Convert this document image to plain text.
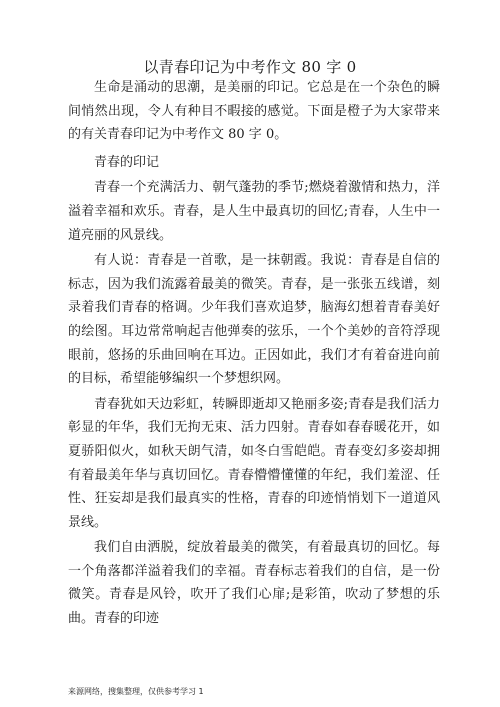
以青春印记为中考作文 80 字 0

生命是涌动的思潮，是美丽的印记。它总是在一个杂色的瞬间悄然出现，令人有种目不暇接的感觉。下面是橙子为大家带来的有关青春印记为中考作文 80 字 0。

青春的印记

青春一个充满活力、朝气蓬勃的季节;燃烧着激情和热力，洋溢着幸福和欢乐。青春，是人生中最真切的回忆;青春，人生中一道亮丽的风景线。

有人说：青春是一首歌，是一抹朝霞。我说：青春是自信的标志，因为我们流露着最美的微笑。青春，是一张张五线谱，刻录着我们青春的格调。少年我们喜欢追梦，脑海幻想着青春美好的绘图。耳边常常响起吉他弹奏的弦乐，一个个美妙的音符浮现眼前，悠扬的乐曲回响在耳边。正因如此，我们才有着奋进向前的目标，希望能够编织一个梦想织网。

青春犹如天边彩虹，转瞬即逝却又艳丽多姿;青春是我们活力彰显的年华，我们无拘无束、活力四射。青春如春春暖花开，如夏骄阳似火，如秋天朗气清，如冬白雪皑皑。青春变幻多姿却拥有着最美年华与真切回忆。青春懵懵懂懂的年纪，我们羞涩、任性、狂妄却是我们最真实的性格，青春的印迹悄悄划下一道道风景线。

我们自由洒脱，绽放着最美的微笑，有着最真切的回忆。每一个角落都洋溢着我们的幸福。青春标志着我们的自信，是一份微笑。青春是风铃，吹开了我们心扉;是彩笛，吹动了梦想的乐曲。青春的印迹

来源网络，搜集整理，仅供参考学习 1
